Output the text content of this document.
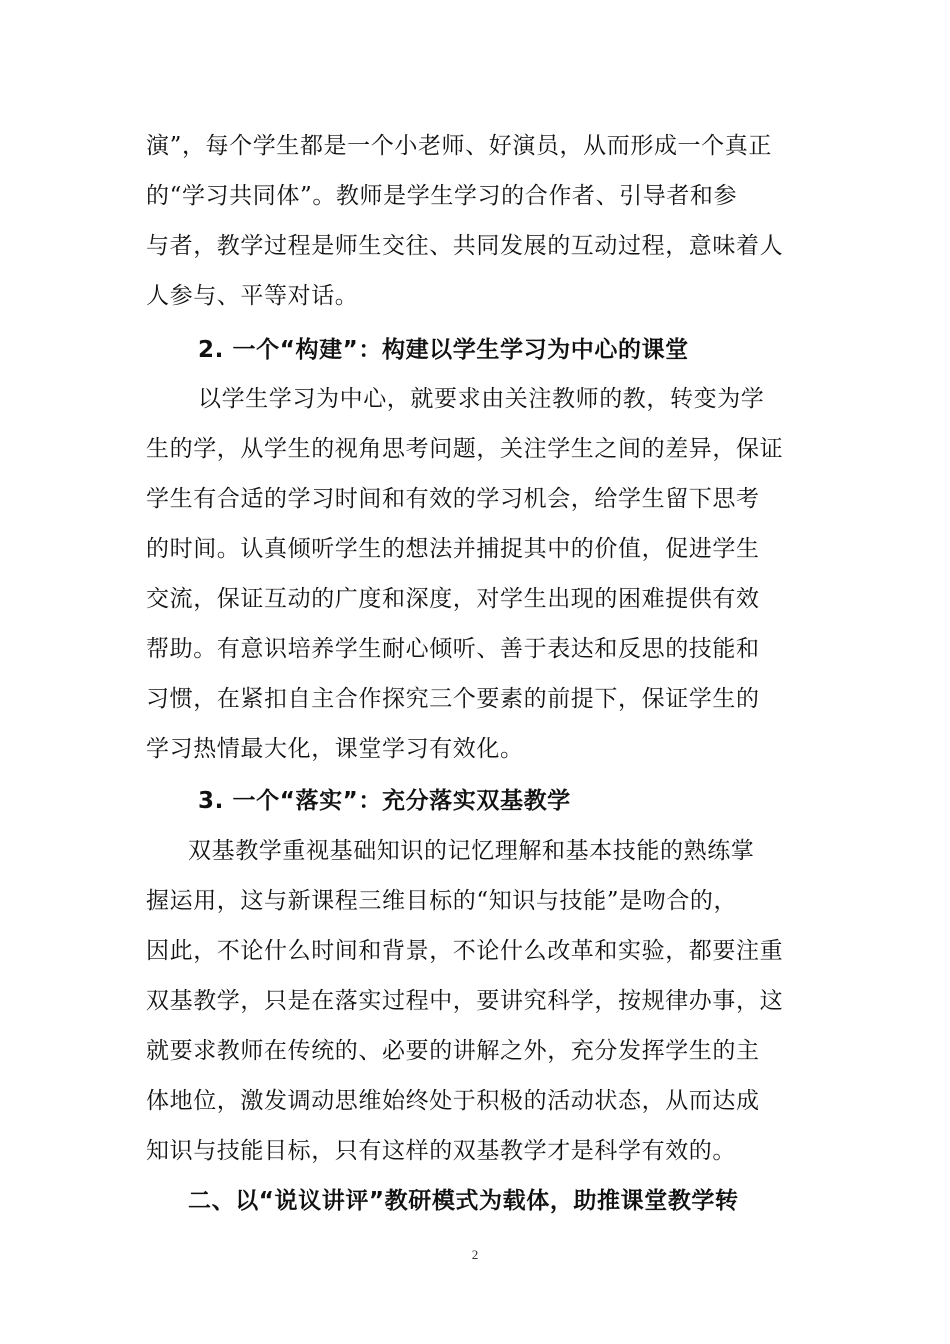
演”，每个学生都是一个小老师、好演员，从而形成一个真正
的“学习共同体”。教师是学生学习的合作者、引导者和参
与者，教学过程是师生交往、共同发展的互动过程，意味着人
人参与、平等对话。
2. 一个“构建”：构建以学生学习为中心的课堂
以学生学习为中心，就要求由关注教师的教，转变为学
生的学，从学生的视角思考问题，关注学生之间的差异，保证
学生有合适的学习时间和有效的学习机会，给学生留下思考
的时间。认真倾听学生的想法并捕捉其中的价值，促进学生
交流，保证互动的广度和深度，对学生出现的困难提供有效
帮助。有意识培养学生耐心倾听、善于表达和反思的技能和
习惯，在紧扣自主合作探究三个要素的前提下，保证学生的
学习热情最大化，课堂学习有效化。
3. 一个“落实”：充分落实双基教学
双基教学重视基础知识的记忆理解和基本技能的熟练掌
握运用，这与新课程三维目标的“知识与技能”是吻合的，
因此，不论什么时间和背景，不论什么改革和实验，都要注重
双基教学，只是在落实过程中，要讲究科学，按规律办事，这
就要求教师在传统的、必要的讲解之外，充分发挥学生的主
体地位，激发调动思维始终处于积极的活动状态，从而达成
知识与技能目标，只有这样的双基教学才是科学有效的。
二、以“说议讲评”教研模式为载体，助推课堂教学转
2
